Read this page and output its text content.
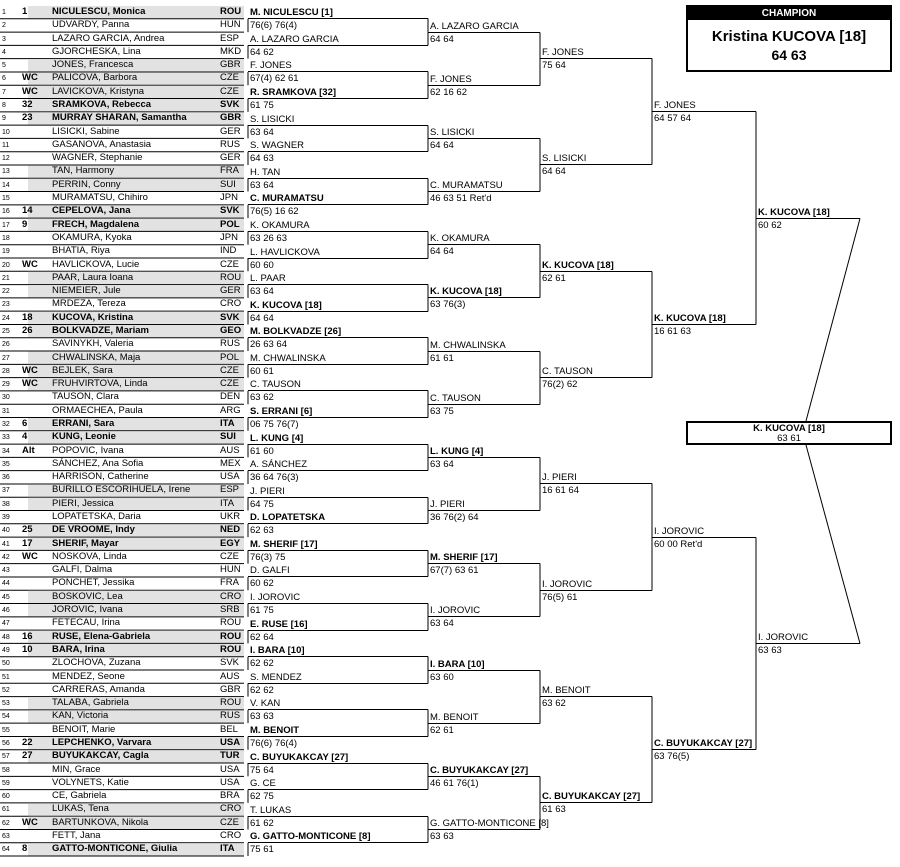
1 1	NICULESCU, Monica	ROU
2	UDVARDY, Panna	HUN
3	LAZARO GARCIA, Andrea	ESP
4	GJORCHESKA, Lina	MKD
5	JONES, Francesca	GBR
6 WC PALICOVA, Barbora	CZE
7 WC LAVICKOVA, Kristyna	CZE
8 32 SRAMKOVA, Rebecca	SVK
9 23 MURRAY SHARAN, Samantha	GBR
10	LISICKI, Sabine	GER
11	GASANOVA, Anastasia	RUS
12	WAGNER, Stephanie	GER
13	TAN, Harmony	FRA
14	PERRIN, Conny	SUI
15	MURAMATSU, Chihiro	JPN
16 14 CEPELOVA, Jana	SVK
17 9	FRECH, Magdalena	POL
18	OKAMURA, Kyoka	JPN
19	BHATIA, Riya	IND
20 WC HAVLICKOVA, Lucie	CZE
21	PAAR, Laura Ioana	ROU
22	NIEMEIER, Jule	GER
23	MRDEZA, Tereza	CRO
24 18 KUCOVA, Kristina	SVK
25 26 BOLKVADZE, Mariam	GEO
26	SAVINYKH, Valeria	RUS
27	CHWALINSKA, Maja	POL
28 WC BEJLEK, Sara	CZE
29 WC FRUHVIRTOVA, Linda	CZE
30	TAUSON, Clara	DEN
31	ORMAECHEA, Paula	ARG
32 6	ERRANI, Sara	ITA
33 4	KUNG, Leonie	SUI
34 Alt POPOVIC, Ivana	AUS
35	SÁNCHEZ, Ana Sofia	MEX
36	HARRISON, Catherine	USA
37	BURILLO ESCORIHUELA, Irene	ESP
38	PIERI, Jessica	ITA
39	LOPATETSKA, Daria	UKR
40 25 DE VROOME, Indy	NED
41 17 SHERIF, Mayar	EGY
42 WC NOSKOVA, Linda	CZE
43	GALFI, Dalma	HUN
44	PONCHET, Jessika	FRA
45	BOSKOVIC, Lea	CRO
46	JOROVIC, Ivana	SRB
47	FETECAU, Irina	ROU
48 16 RUSE, Elena-Gabriela	ROU
49 10 BARA, Irina	ROU
50	ZLOCHOVA, Zuzana	SVK
51	MENDEZ, Seone	AUS
52	CARRERAS, Amanda	GBR
53	TALABA, Gabriela	ROU
54	KAN, Victoria	RUS
55	BENOIT, Marie	BEL
56 22 LEPCHENKO, Varvara	USA
57 27 BUYUKAKCAY, Cagla	TUR
58	MIN, Grace	USA
59	VOLYNETS, Katie	USA
60	CE, Gabriela	BRA
61	LUKAS, Tena	CRO
62 WC BARTUNKOVA, Nikola	CZE
63	FETT, Jana	CRO
64 8	GATTO-MONTICONE, Giulia	ITA
M. NICULESCU [1]
76(6) 76(4)
A. LAZARO GARCIA
64 62
F. JONES
67(4) 62 61
R. SRAMKOVA [32]
61 75
S. LISICKI
63 64
S. WAGNER
64 63
H. TAN
63 64
C. MURAMATSU
76(5) 16 62
K. OKAMURA
63 26 63
L. HAVLICKOVA
60 60
L. PAAR
63 64
K. KUCOVA [18]
64 64
M. BOLKVADZE [26]
26 63 64
M. CHWALINSKA
60 61
C. TAUSON
63 62
S. ERRANI [6]
06 75 76(7)
L. KUNG [4]
61 60
A. SÁNCHEZ
36 64 76(3)
J. PIERI
64 75
D. LOPATETSKA
62 63
M. SHERIF [17]
76(3) 75
D. GALFI
60 62
I. JOROVIC
61 75
E. RUSE [16]
62 64
I. BARA [10]
62 62
S. MENDEZ
62 62
V. KAN
63 63
M. BENOIT
76(6) 76(4)
C. BUYUKAKCAY [27]
75 64
G. CE
62 75
T. LUKAS
61 62
G. GATTO-MONTICONE [8]
75 61
A. LAZARO GARCIA
64 64
F. JONES
62 16 62
S. LISICKI
64 64
C. MURAMATSU
46 63 51 Ret'd
K. OKAMURA
64 64
K. KUCOVA [18]
63 76(3)
M. CHWALINSKA
61 61
C. TAUSON
63 75
L. KUNG [4]
63 64
J. PIERI
36 76(2) 64
M. SHERIF [17]
67(7) 63 61
I. JOROVIC
63 64
I. BARA [10]
63 60
M. BENOIT
62 61
C. BUYUKAKCAY [27]
46 61 76(1)
G. GATTO-MONTICONE [8]
63 63
F. JONES
75 64
S. LISICKI
64 64
K. KUCOVA [18]
62 61
C. TAUSON
76(2) 62
J. PIERI
16 61 64
I. JOROVIC
76(5) 61
M. BENOIT
63 62
C. BUYUKAKCAY [27]
61 63
F. JONES
64 57 64
K. KUCOVA [18]
16 61 63
I. JOROVIC
60 00 Ret'd
C. BUYUKAKCAY [27]
63 76(5)
K. KUCOVA [18]
60 62
I. JOROVIC
63 63
CHAMPION
Kristina KUCOVA [18]
64 63
K. KUCOVA [18]
63 61
